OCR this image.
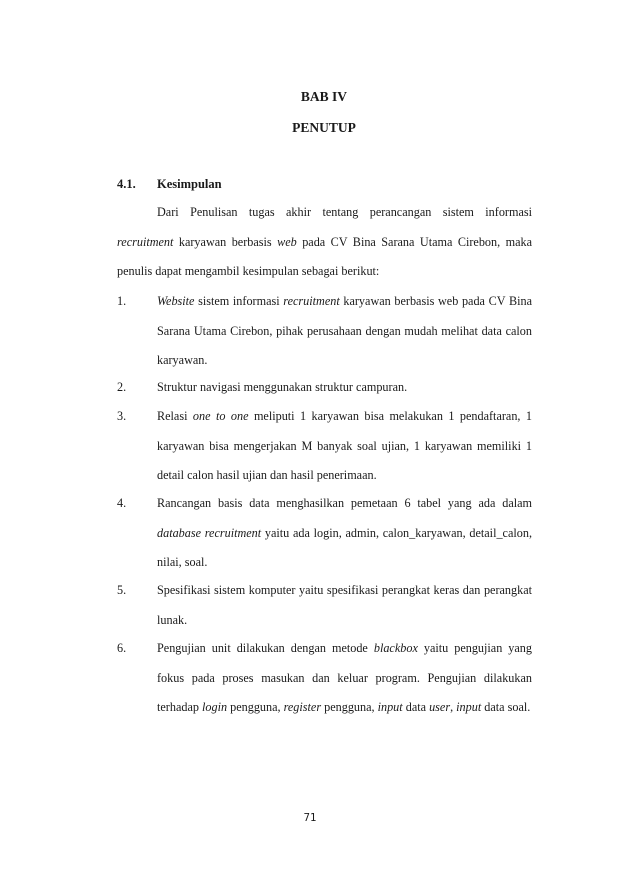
BAB IV
PENUTUP
4.1. Kesimpulan
Dari Penulisan tugas akhir tentang perancangan sistem informasi recruitment karyawan berbasis web pada CV Bina Sarana Utama Cirebon, maka penulis dapat mengambil kesimpulan sebagai berikut:
1.	Website sistem informasi recruitment karyawan berbasis web pada CV Bina Sarana Utama Cirebon, pihak perusahaan dengan mudah melihat data calon karyawan.
2.	Struktur navigasi menggunakan struktur campuran.
3.	Relasi one to one meliputi 1 karyawan bisa melakukan 1 pendaftaran, 1 karyawan bisa mengerjakan M banyak soal ujian, 1 karyawan memiliki 1 detail calon hasil ujian dan hasil penerimaan.
4.	Rancangan basis data menghasilkan pemetaan 6 tabel yang ada dalam database recruitment yaitu ada login, admin, calon_karyawan, detail_calon, nilai, soal.
5.	Spesifikasi sistem komputer yaitu spesifikasi perangkat keras dan perangkat lunak.
6.	Pengujian unit dilakukan dengan metode blackbox yaitu pengujian yang fokus pada proses masukan dan keluar program. Pengujian dilakukan terhadap login pengguna, register pengguna, input data user, input data soal.
71
